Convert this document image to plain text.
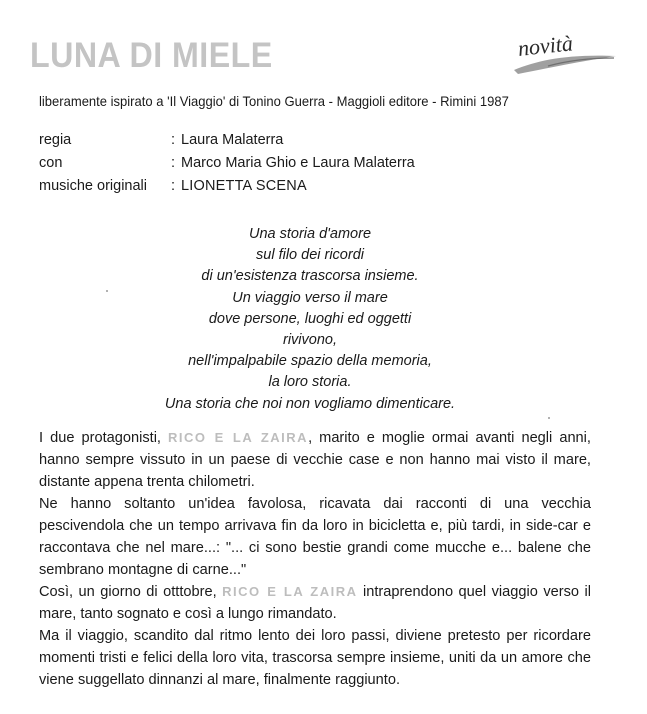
LUNA DI MIELE	novità
liberamente ispirato a 'Il Viaggio' di Tonino Guerra - Maggioli editore - Rimini 1987
regia	: Laura Malaterra
con	: Marco Maria Ghio e Laura Malaterra
musiche originali	: LIONETTA SCENA
Una storia d'amore
sul filo dei ricordi
di un'esistenza trascorsa insieme.
Un viaggio verso il mare
dove persone, luoghi ed oggetti
rivivono,
nell'impalpabile spazio della memoria,
la loro storia.
Una storia che noi non vogliamo dimenticare.

I due protagonisti, RICO E LA ZAIRA, marito e moglie ormai avanti negli anni, hanno sempre vissuto in un paese di vecchie case e non hanno mai visto il mare, distante appena trenta chilometri.

Ne hanno soltanto un'idea favolosa, ricavata dai racconti di una vecchia pescivendola che un tempo arrivava fin da loro in bicicletta e, più tardi, in side-car e raccontava che nel mare...: "... ci sono bestie grandi come mucche e... balene che sembrano montagne di carne..."

Così, un giorno di otttobre, RICO E LA ZAIRA intraprendono quel viaggio verso il mare, tanto sognato e così a lungo rimandato.

Ma il viaggio, scandito dal ritmo lento dei loro passi, diviene pretesto per ricordare momenti tristi e felici della loro vita, trascorsa sempre insieme, uniti da un amore che viene suggellato dinnanzi al mare, finalmente raggiunto.
